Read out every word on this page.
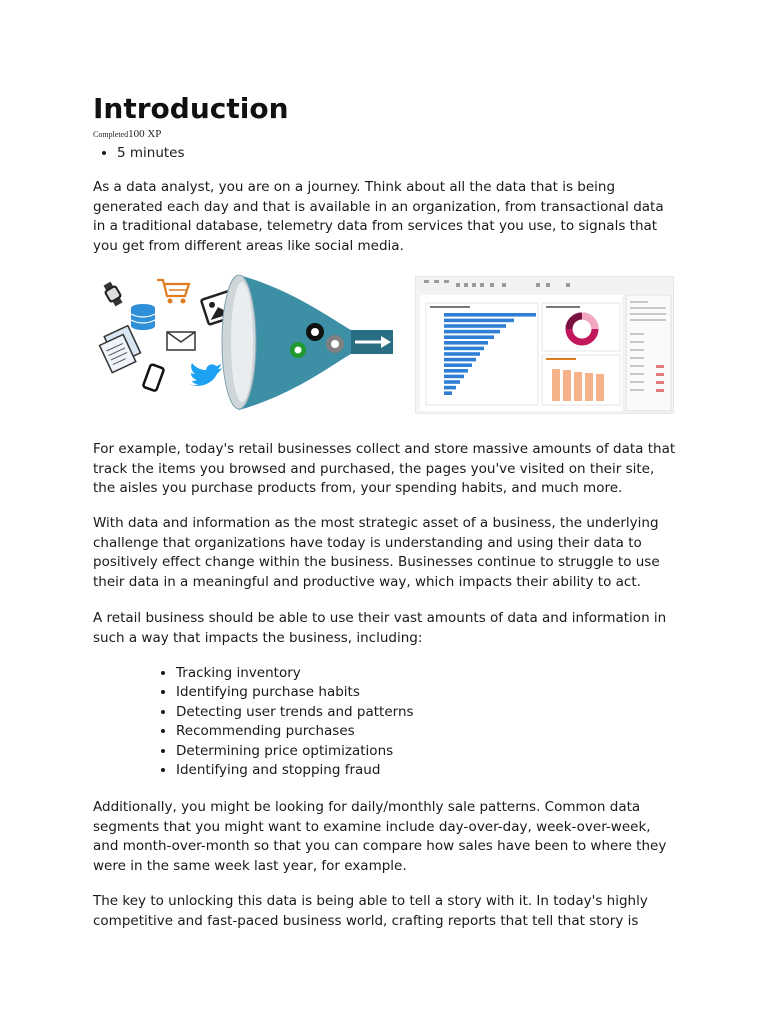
Introduction
Completed100 XP
• 5 minutes

As a data analyst, you are on a journey. Think about all the data that is being generated each day and that is available in an organization, from transactional data in a traditional database, telemetry data from services that you use, to signals that you get from different areas like social media.

For example, today's retail businesses collect and store massive amounts of data that track the items you browsed and purchased, the pages you've visited on their site, the aisles you purchase products from, your spending habits, and much more.

With data and information as the most strategic asset of a business, the underlying challenge that organizations have today is understanding and using their data to positively effect change within the business. Businesses continue to struggle to use their data in a meaningful and productive way, which impacts their ability to act.

A retail business should be able to use their vast amounts of data and information in such a way that impacts the business, including:

• Tracking inventory
• Identifying purchase habits
• Detecting user trends and patterns
• Recommending purchases
• Determining price optimizations
• Identifying and stopping fraud

Additionally, you might be looking for daily/monthly sale patterns. Common data segments that you might want to examine include day-over-day, week-over-week, and month-over-month so that you can compare how sales have been to where they were in the same week last year, for example.

The key to unlocking this data is being able to tell a story with it. In today's highly competitive and fast-paced business world, crafting reports that tell that story is
